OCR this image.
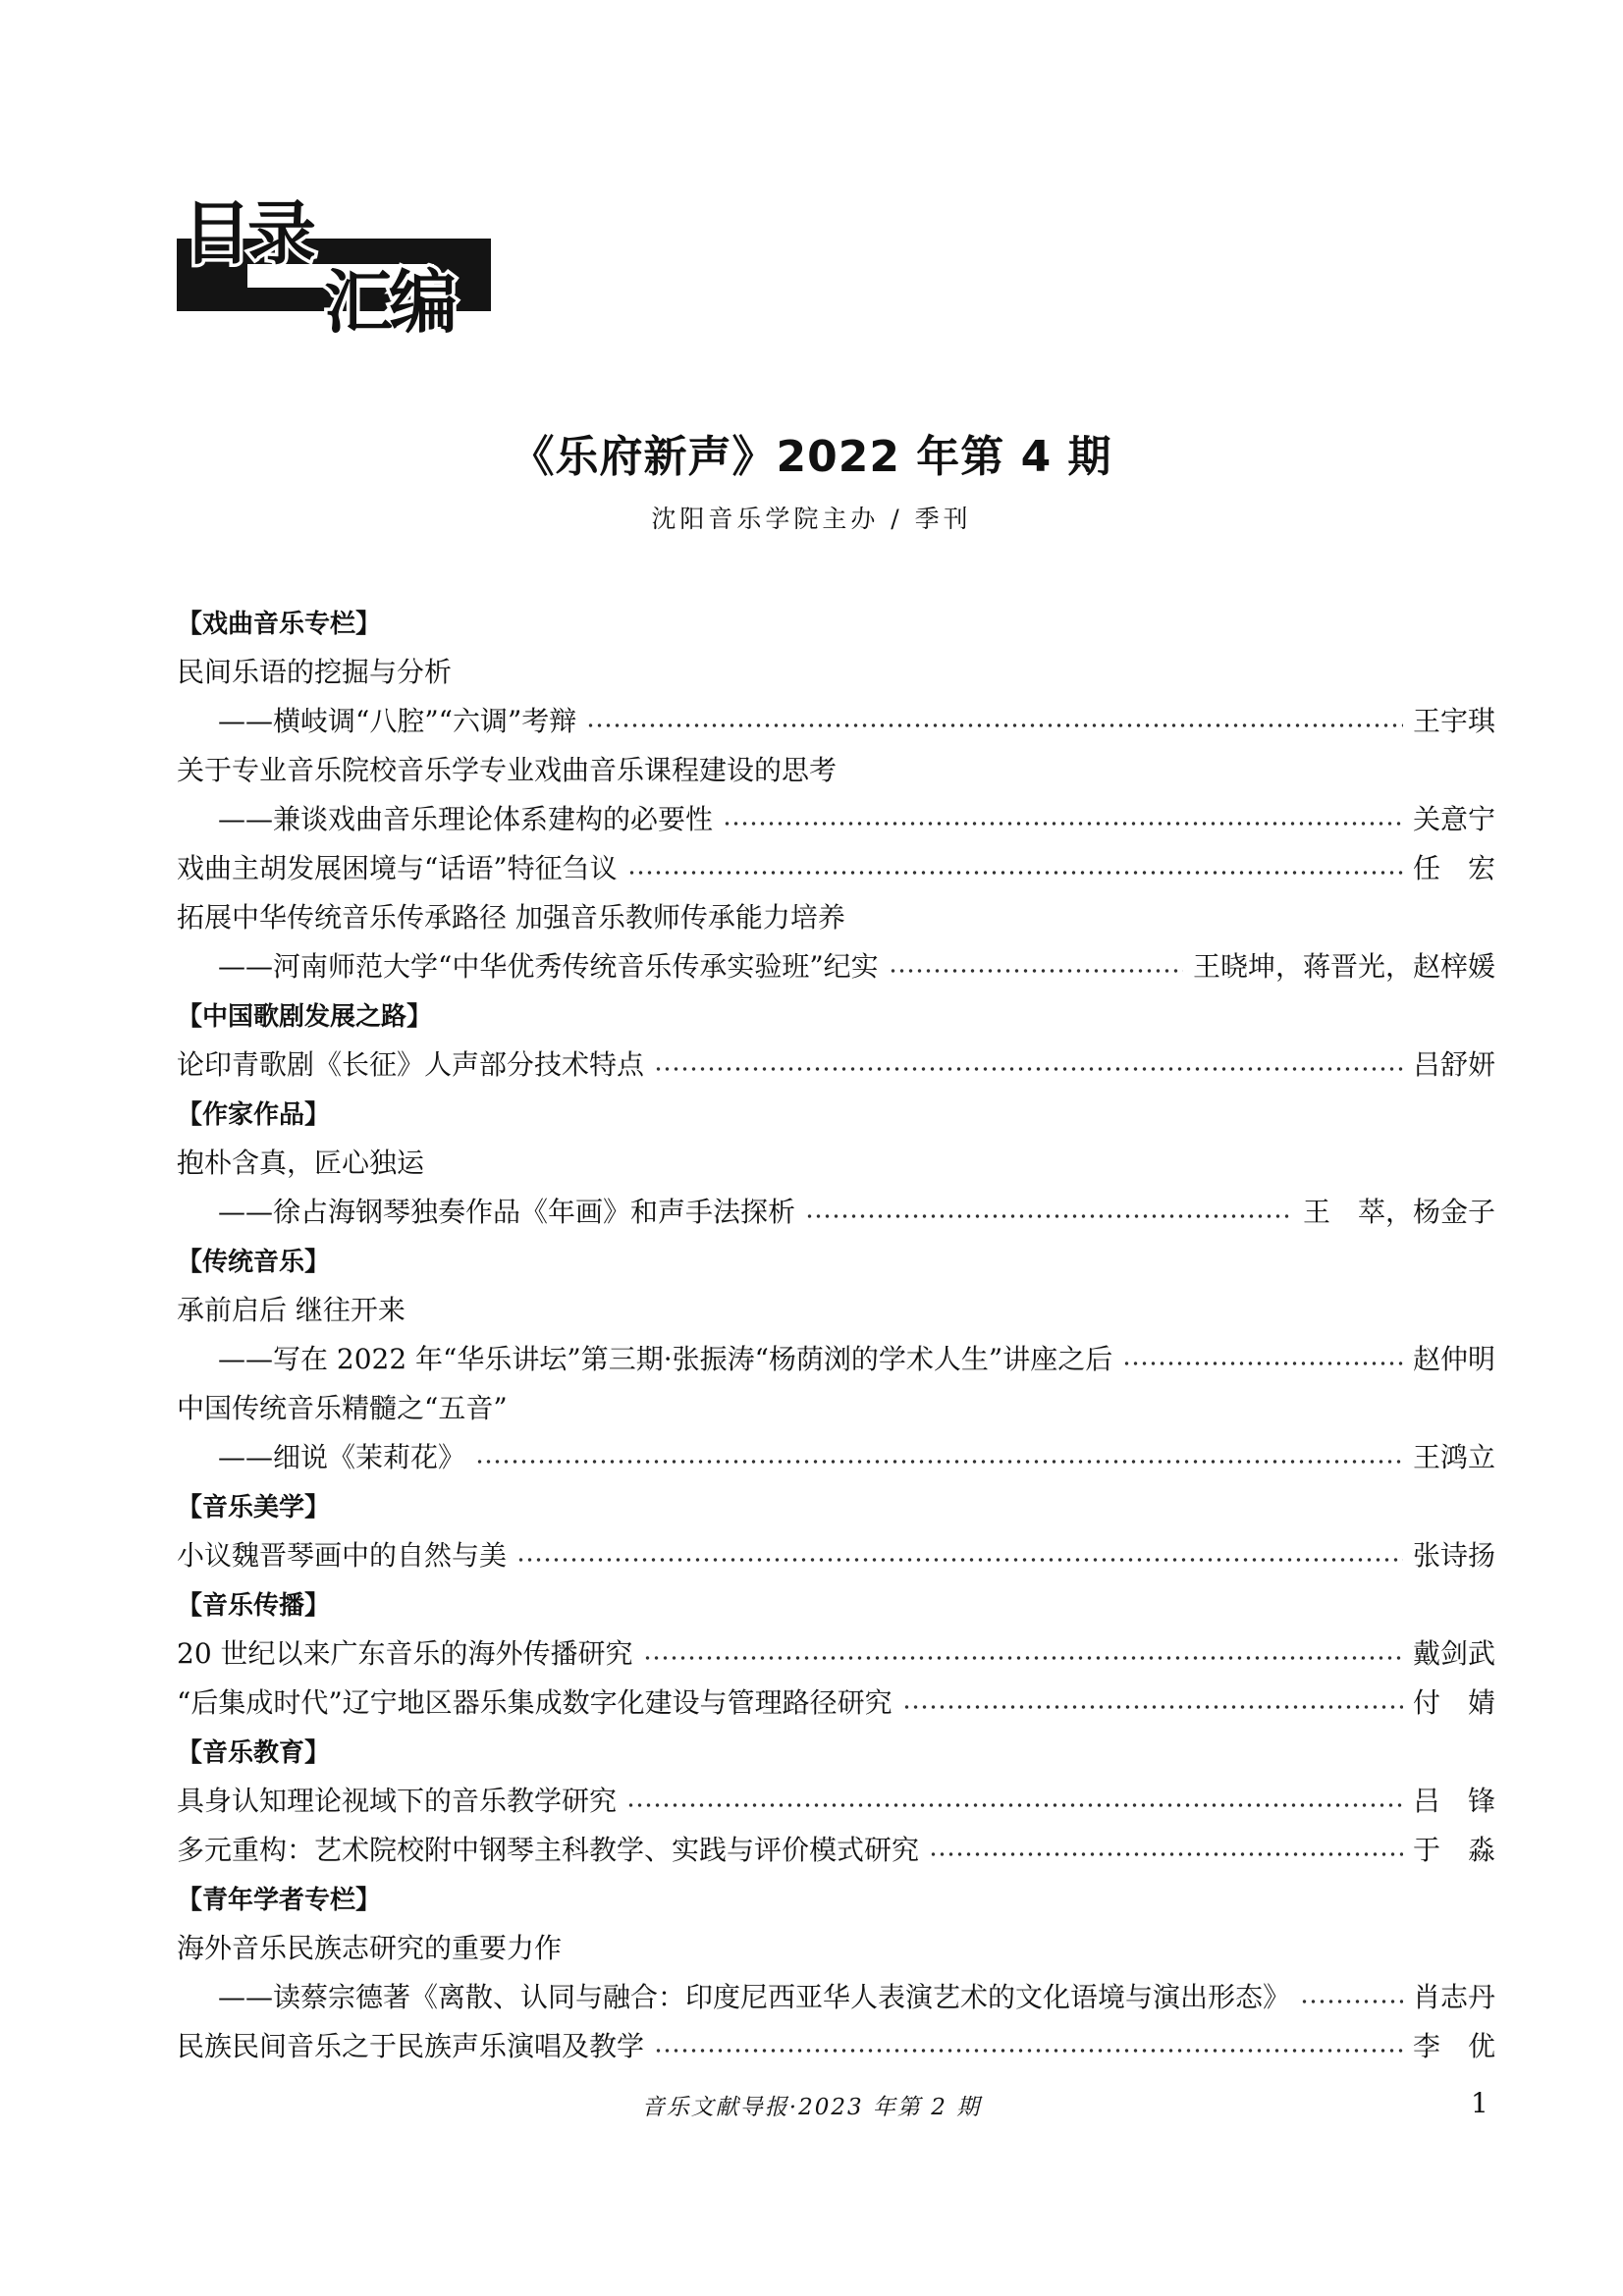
目录
汇编
《乐府新声》2022 年第 4 期
沈阳音乐学院主办 / 季刊
【戏曲音乐专栏】
民间乐语的挖掘与分析
——横岐调“八腔”“六调”考辩	王宇琪
关于专业音乐院校音乐学专业戏曲音乐课程建设的思考
——兼谈戏曲音乐理论体系建构的必要性	关意宁
戏曲主胡发展困境与“话语”特征刍议	任　宏
拓展中华传统音乐传承路径 加强音乐教师传承能力培养
——河南师范大学“中华优秀传统音乐传承实验班”纪实	王晓坤，蒋晋光，赵梓媛
【中国歌剧发展之路】
论印青歌剧《长征》人声部分技术特点	吕舒妍
【作家作品】
抱朴含真，匠心独运
——徐占海钢琴独奏作品《年画》和声手法探析	王　萃，杨金子
【传统音乐】
承前启后 继往开来
——写在 2022 年“华乐讲坛”第三期·张振涛“杨荫浏的学术人生”讲座之后	赵仲明
中国传统音乐精髓之“五音”
——细说《茉莉花》	王鸿立
【音乐美学】
小议魏晋琴画中的自然与美	张诗扬
【音乐传播】
20 世纪以来广东音乐的海外传播研究	戴剑武
“后集成时代”辽宁地区器乐集成数字化建设与管理路径研究	付　婧
【音乐教育】
具身认知理论视域下的音乐教学研究	吕　锋
多元重构：艺术院校附中钢琴主科教学、实践与评价模式研究	于　淼
【青年学者专栏】
海外音乐民族志研究的重要力作
——读蔡宗德著《离散、认同与融合：印度尼西亚华人表演艺术的文化语境与演出形态》	肖志丹
民族民间音乐之于民族声乐演唱及教学	李　优
音乐文献导报·2023 年第 2 期	1
